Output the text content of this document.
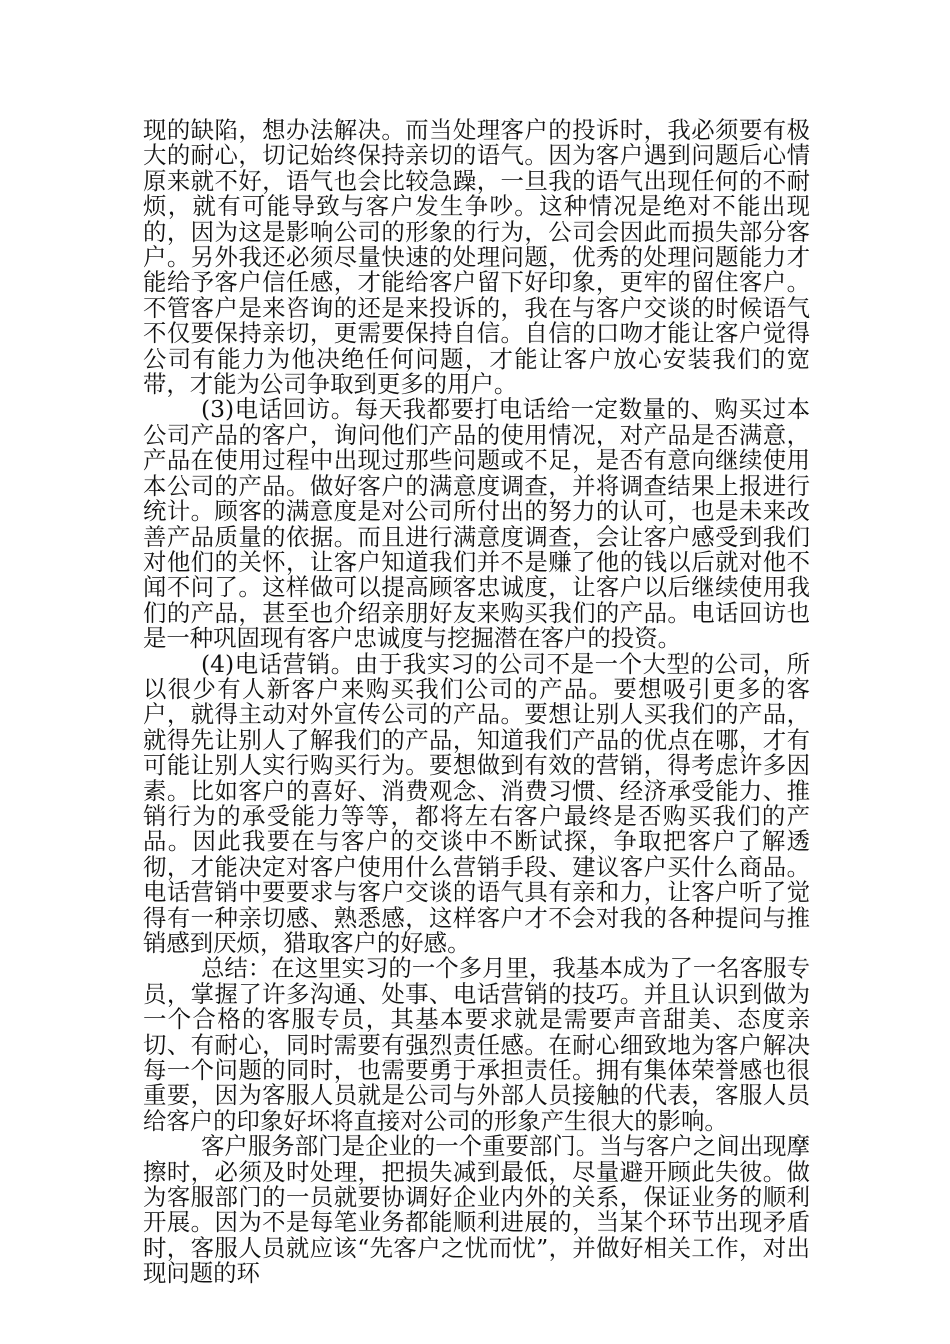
现的缺陷，想办法解决。而当处理客户的投诉时，我必须要有极大的耐心，切记始终保持亲切的语气。因为客户遇到问题后心情原来就不好，语气也会比较急躁，一旦我的语气出现任何的不耐烦，就有可能导致与客户发生争吵。这种情况是绝对不能出现的，因为这是影响公司的形象的行为，公司会因此而损失部分客户。另外我还必须尽量快速的处理问题，优秀的处理问题能力才能给予客户信任感，才能给客户留下好印象，更牢的留住客户。不管客户是来咨询的还是来投诉的，我在与客户交谈的时候语气不仅要保持亲切，更需要保持自信。自信的口吻才能让客户觉得公司有能力为他决绝任何问题，才能让客户放心安装我们的宽带，才能为公司争取到更多的用户。

(3)电话回访。每天我都要打电话给一定数量的、购买过本公司产品的客户，询问他们产品的使用情况，对产品是否满意，产品在使用过程中出现过那些问题或不足，是否有意向继续使用本公司的产品。做好客户的满意度调查，并将调查结果上报进行统计。顾客的满意度是对公司所付出的努力的认可，也是未来改善产品质量的依据。而且进行满意度调查，会让客户感受到我们对他们的关怀，让客户知道我们并不是赚了他的钱以后就对他不闻不问了。这样做可以提高顾客忠诚度，让客户以后继续使用我们的产品，甚至也介绍亲朋好友来购买我们的产品。电话回访也是一种巩固现有客户忠诚度与挖掘潜在客户的投资。

(4)电话营销。由于我实习的公司不是一个大型的公司，所以很少有人新客户来购买我们公司的产品。要想吸引更多的客户，就得主动对外宣传公司的产品。要想让别人买我们的产品，就得先让别人了解我们的产品，知道我们产品的优点在哪，才有可能让别人实行购买行为。要想做到有效的营销，得考虑许多因素。比如客户的喜好、消费观念、消费习惯、经济承受能力、推销行为的承受能力等等，都将左右客户最终是否购买我们的产品。因此我要在与客户的交谈中不断试探，争取把客户了解透彻，才能决定对客户使用什么营销手段、建议客户买什么商品。电话营销中要要求与客户交谈的语气具有亲和力，让客户听了觉得有一种亲切感、熟悉感，这样客户才不会对我的各种提问与推销感到厌烦，猎取客户的好感。

总结：在这里实习的一个多月里，我基本成为了一名客服专员，掌握了许多沟通、处事、电话营销的技巧。并且认识到做为一个合格的客服专员，其基本要求就是需要声音甜美、态度亲切、有耐心，同时需要有强烈责任感。在耐心细致地为客户解决每一个问题的同时，也需要勇于承担责任。拥有集体荣誉感也很重要，因为客服人员就是公司与外部人员接触的代表，客服人员给客户的印象好坏将直接对公司的形象产生很大的影响。

客户服务部门是企业的一个重要部门。当与客户之间出现摩擦时，必须及时处理，把损失减到最低，尽量避开顾此失彼。做为客服部门的一员就要协调好企业内外的关系，保证业务的顺利开展。因为不是每笔业务都能顺利进展的，当某个环节出现矛盾时，客服人员就应该“先客户之忧而忧”，并做好相关工作，对出现问题的环
